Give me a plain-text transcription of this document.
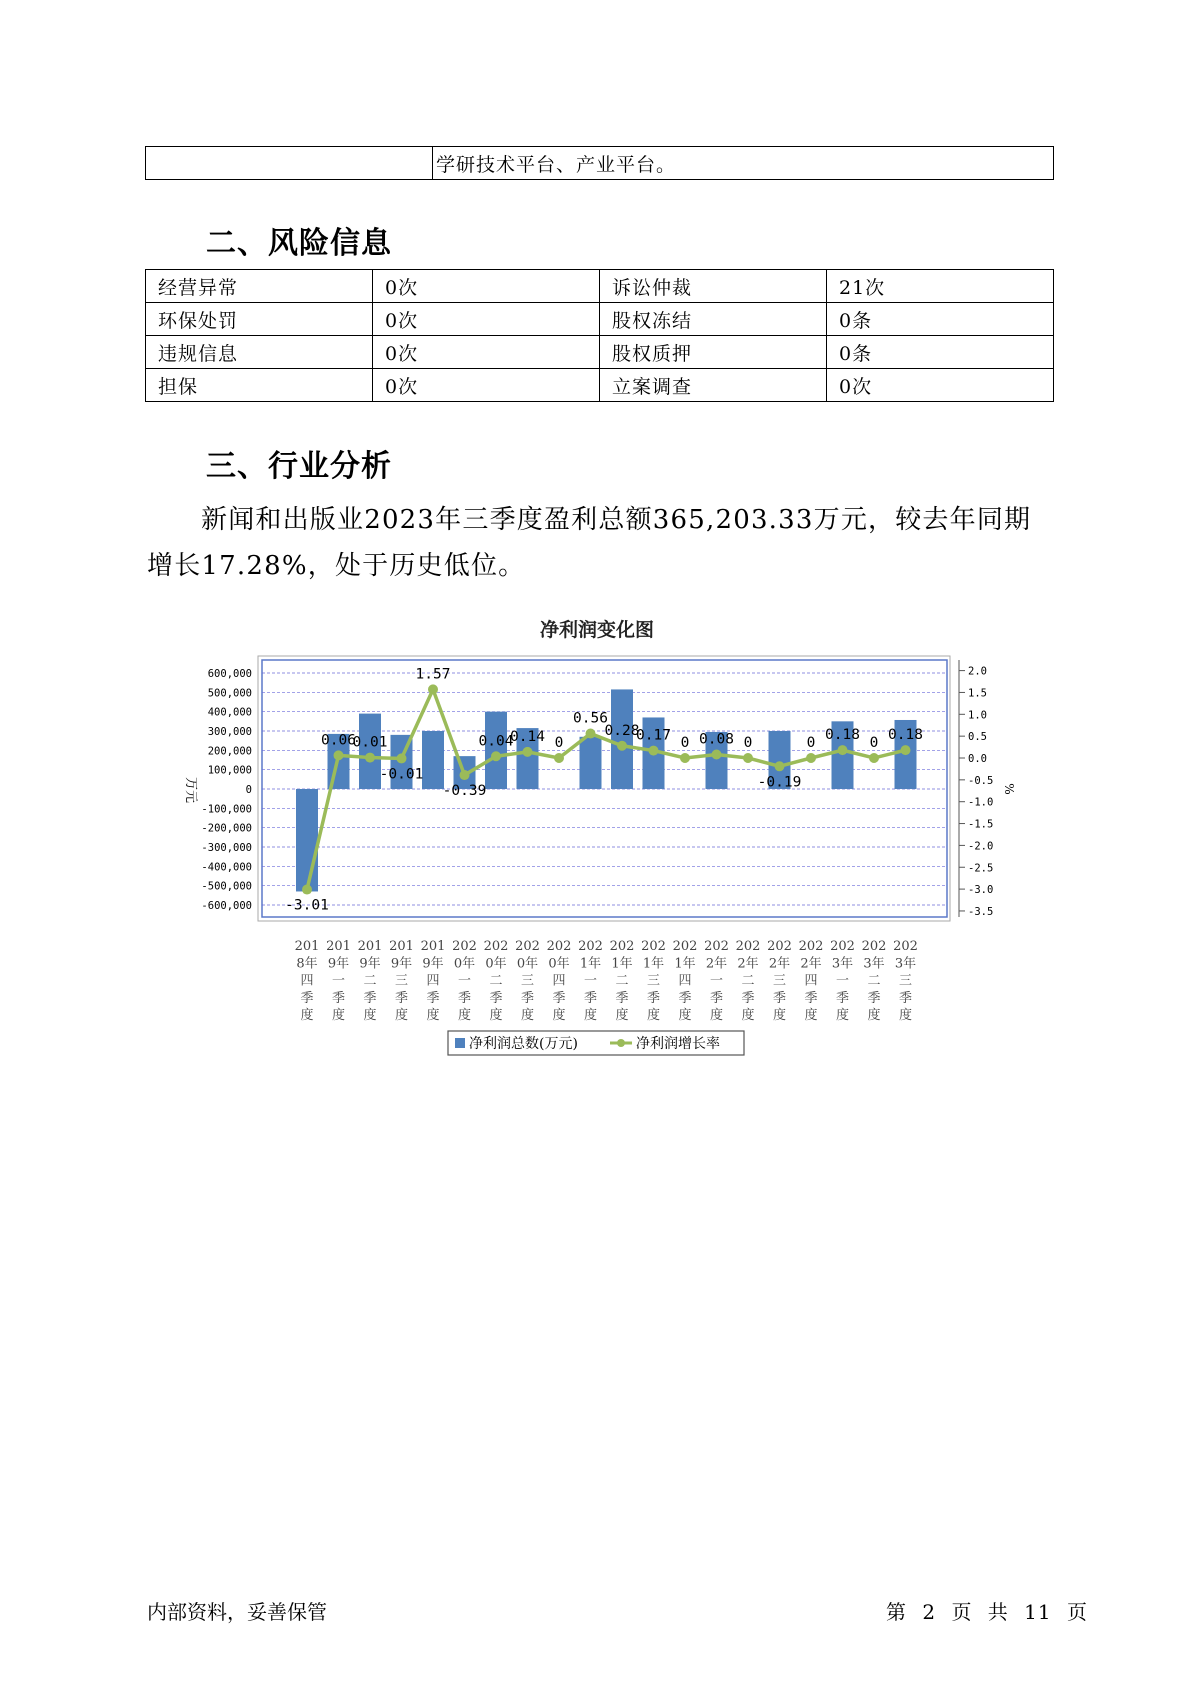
	学研技术平台、产业平台。
二、风险信息
经营异常	0次	诉讼仲裁	21次
环保处罚	0次	股权冻结	0条
违规信息	0次	股权质押	0条
担保	0次	立案调查	0次
三、行业分析

新闻和出版业2023年三季度盈利总额365,203.33万元，较去年同期增长17.28%，处于历史低位。

净利润变化图
600,000
500,000
400,000
300,000
200,000
100,000
0
-100,000
-200,000
-300,000
-400,000
-500,000
-600,000
2.0
1.5
1.0
0.5
0.0
-0.5
-1.0
-1.5
-2.0
-2.5
-3.0
-3.5
万元	%
-3.01
0.06
0.01
-0.01
1.57
-0.39
0.04
0.14 0
0.56
0.28
0.17 0 0.08 0
-0.19
0 0.18 0 0.18
201 8年四季度
201 9年一季度
201 9年二季度
201 9年三季度
201 9年四季度
202 0年一季度
202 0年二季度
202 0年三季度
202 0年四季度
202 1年一季度
202 1年二季度
202 1年三季度
202 1年四季度
202 2年一季度
202 2年二季度
202 2年三季度
202 2年四季度
202 3年一季度
202 3年二季度
202 3年三季度
净利润总数(万元)	净利润增长率
内部资料，妥善保管	第 2 页 共 11 页
